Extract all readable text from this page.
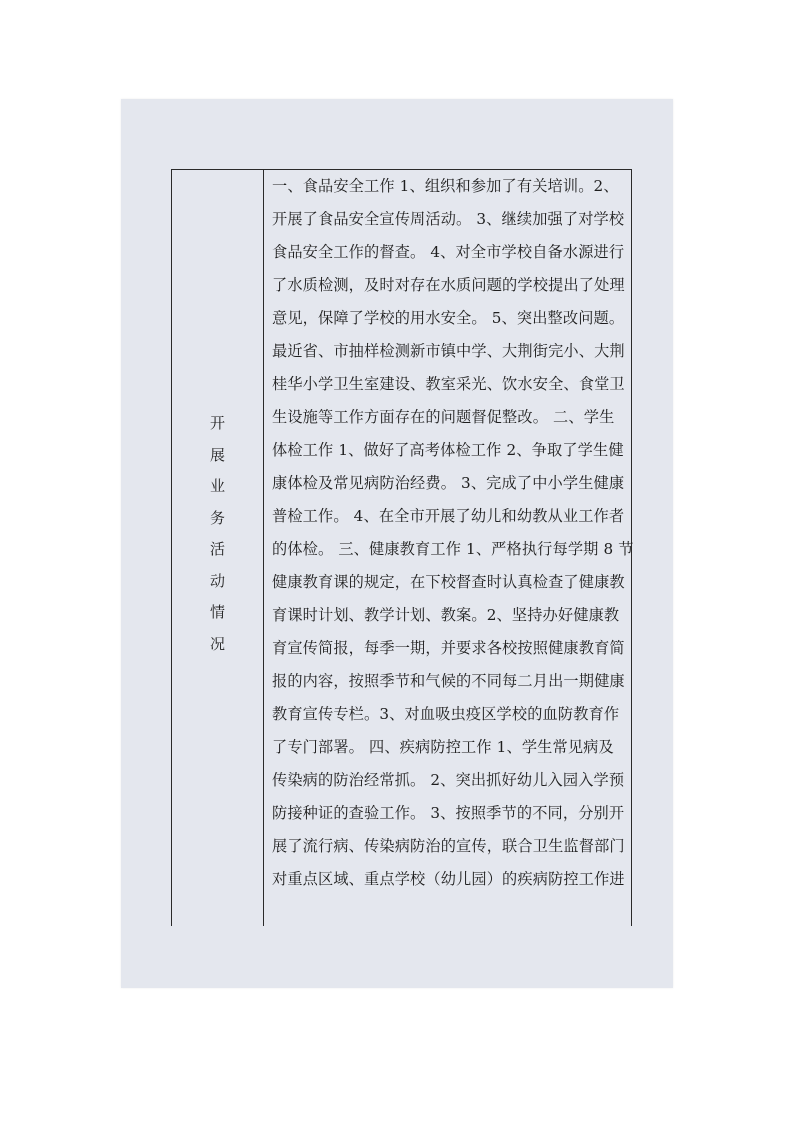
开
展
业
务
活
动
情
况
一、食品安全工作 1、组织和参加了有关培训。2、
开展了食品安全宣传周活动。 3、继续加强了对学校
食品安全工作的督查。 4、对全市学校自备水源进行
了水质检测，及时对存在水质问题的学校提出了处理
意见，保障了学校的用水安全。 5、突出整改问题。
最近省、市抽样检测新市镇中学、大荆街完小、大荆
桂华小学卫生室建设、教室采光、饮水安全、食堂卫
生设施等工作方面存在的问题督促整改。 二、学生
体检工作 1、做好了高考体检工作 2、争取了学生健
康体检及常见病防治经费。 3、完成了中小学生健康
普检工作。 4、在全市开展了幼儿和幼教从业工作者
的体检。 三、健康教育工作 1、严格执行每学期 8 节
健康教育课的规定，在下校督查时认真检查了健康教
育课时计划、教学计划、教案。2、坚持办好健康教
育宣传简报，每季一期，并要求各校按照健康教育简
报的内容，按照季节和气候的不同每二月出一期健康
教育宣传专栏。3、对血吸虫疫区学校的血防教育作
了专门部署。 四、疾病防控工作 1、学生常见病及
传染病的防治经常抓。 2、突出抓好幼儿入园入学预
防接种证的查验工作。 3、按照季节的不同，分别开
展了流行病、传染病防治的宣传，联合卫生监督部门
对重点区域、重点学校（幼儿园）的疾病防控工作进
